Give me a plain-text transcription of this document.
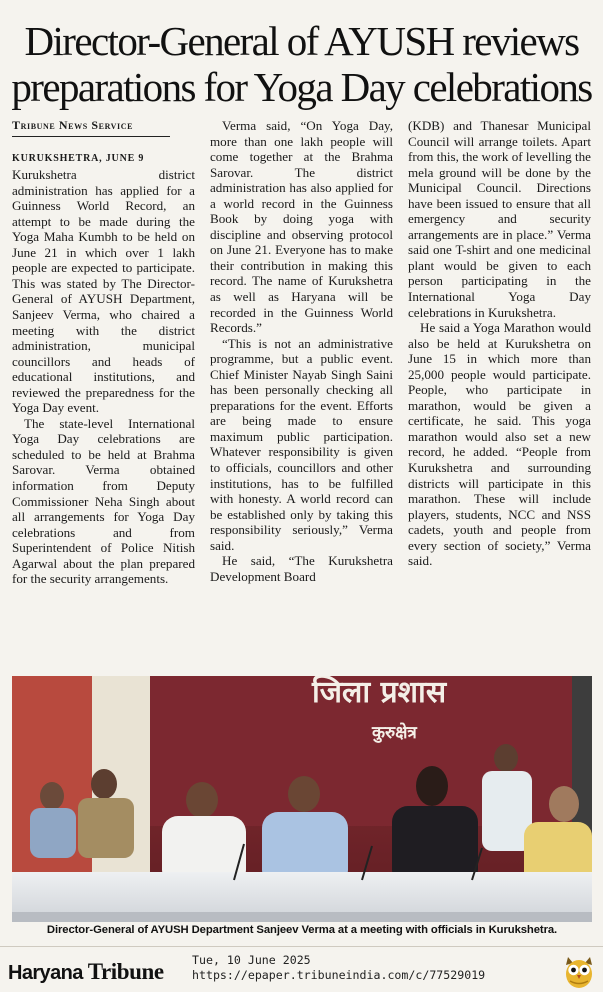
Director-General of AYUSH reviews
preparations for Yoga Day celebrations
Tribune News Service
KURUKSHETRA, JUNE 9

Kurukshetra district administration has applied for a Guinness World Record, an attempt to be made during the Yoga Maha Kumbh to be held on June 21 in which over 1 lakh people are expected to participate. This was stated by The Director-General of AYUSH Department, Sanjeev Verma, who chaired a meeting with the district administration, municipal councillors and heads of educational institutions, and reviewed the preparedness for the Yoga Day event.

The state-level International Yoga Day celebrations are scheduled to be held at Brahma Sarovar. Verma obtained information from Deputy Commissioner Neha Singh about all arrangements for Yoga Day celebrations and from Superintendent of Police Nitish Agarwal about the plan prepared for the security arrangements.

Verma said, “On Yoga Day, more than one lakh people will come together at the Brahma Sarovar. The district administration has also applied for a world record in the Guinness Book by doing yoga with discipline and observing protocol on June 21. Everyone has to make their contribution in making this record. The name of Kurukshetra as well as Haryana will be recorded in the Guinness World Records.”

“This is not an administrative programme, but a public event. Chief Minister Nayab Singh Saini has been personally checking all preparations for the event. Efforts are being made to ensure maximum public participation. Whatever responsibility is given to officials, councillors and other institutions, has to be fulfilled with honesty. A world record can be established only by taking this responsibility seriously,” Verma said.

He said, “The Kurukshetra Development Board

(KDB) and Thanesar Municipal Council will arrange toilets. Apart from this, the work of levelling the mela ground will be done by the Municipal Council. Directions have been issued to ensure that all emergency and security arrangements are in place.” Verma said one T-shirt and one medicinal plant would be given to each person participating in the International Yoga Day celebrations in Kurukshetra.

He said a Yoga Marathon would also be held at Kurukshetra on June 15 in which more than 25,000 people would participate. People, who participate in marathon, would be given a certificate, he said. This yoga marathon would also set a new record, he added. “People from Kurukshetra and surrounding districts will participate in this marathon. These will include players, students, NCC and NSS cadets, youth and people from every section of society,” Verma said.

जिला प्रशास
कुरुक्षेत्र
Director-General of AYUSH Department Sanjeev Verma at a meeting with officials in Kurukshetra.
Haryana Tribune Tue, 10 June 2025
https://epaper.tribuneindia.com/c/77529019
